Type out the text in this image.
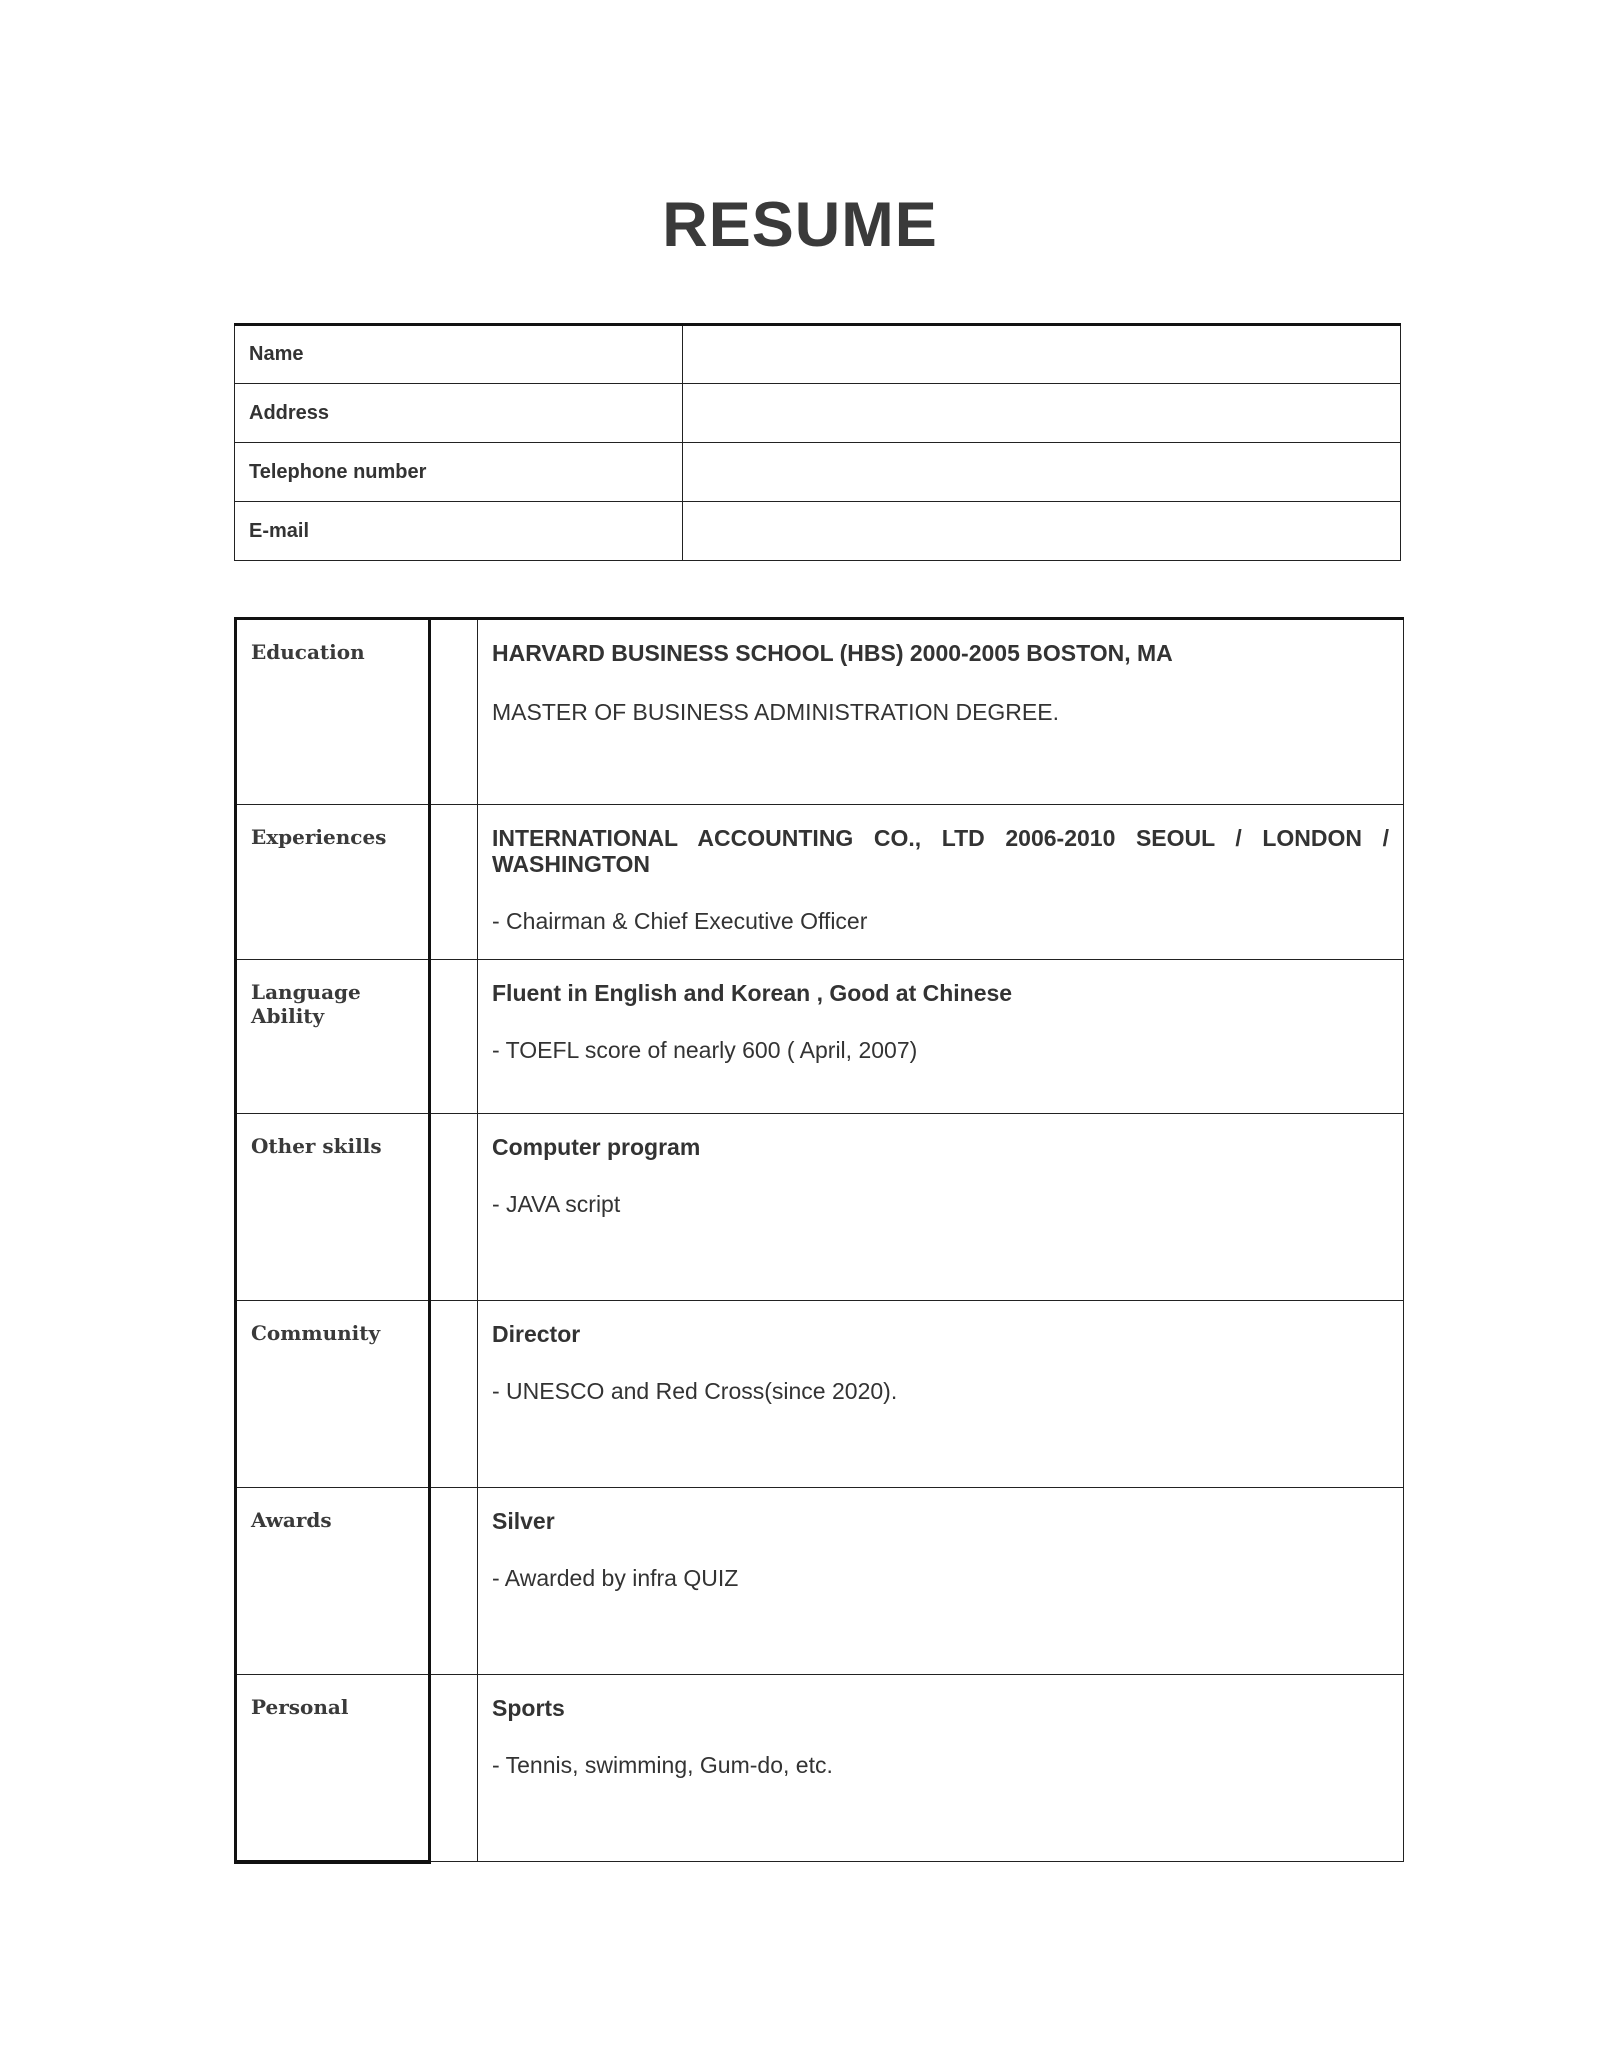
RESUME
Name	
Address	
Telephone number	
E-mail	
Education		HARVARD BUSINESS SCHOOL (HBS) 2000-2005 BOSTON, MA
MASTER OF BUSINESS ADMINISTRATION DEGREE.

Experiences		INTERNATIONAL ACCOUNTING CO., LTD 2006-2010 SEOUL / LONDON / WASHINGTON
- Chairman & Chief Executive Officer

Language Ability		Fluent in English and Korean , Good at Chinese
- TOEFL score of nearly 600 ( April, 2007)

Other skills		Computer program
- JAVA script

Community		Director
- UNESCO and Red Cross(since 2020).

Awards		Silver
- Awarded by infra QUIZ

Personal		Sports
- Tennis, swimming, Gum-do, etc.
